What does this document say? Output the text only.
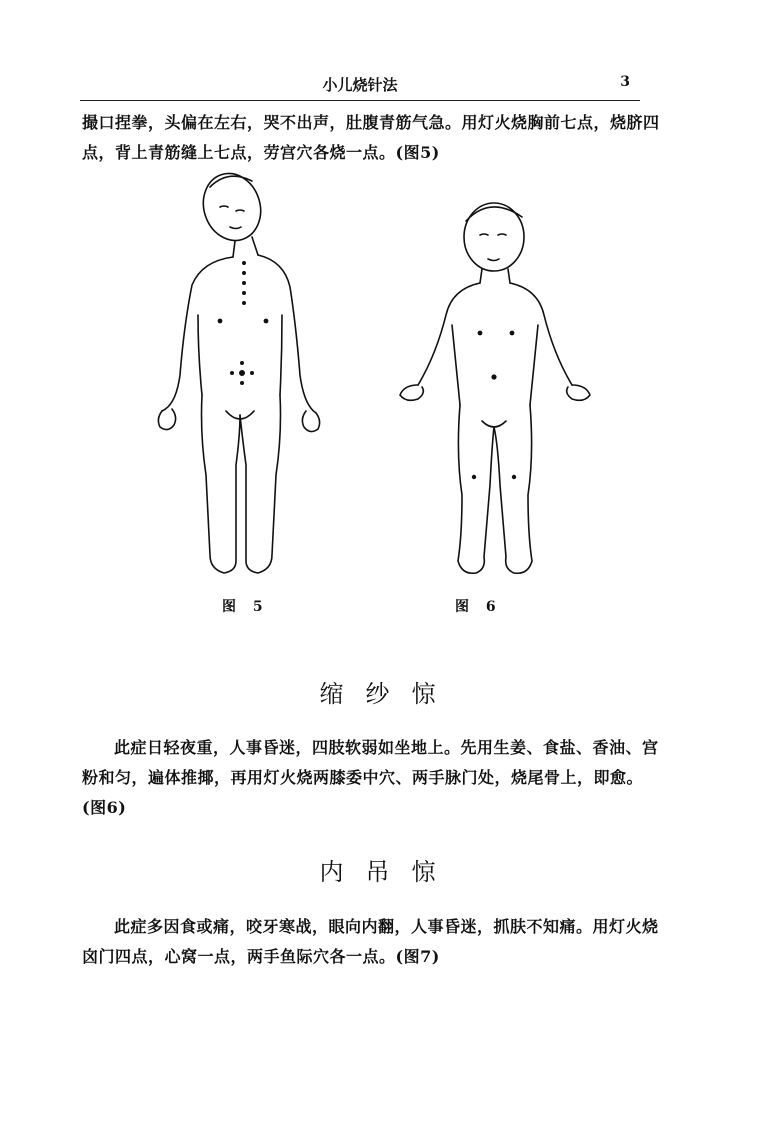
小儿烧针法	3
撮口捏拳，头偏在左右，哭不出声，肚腹青筋气急。用灯火烧胸前七点，烧脐四点，背上青筋缝上七点，劳宫穴各烧一点。(图5)
图 5	图 6
缩纱惊
此症日轻夜重，人事昏迷，四肢软弱如坐地上。先用生姜、食盐、香油、宫粉和匀，遍体推揶，再用灯火烧两膝委中穴、两手脉门处，烧尾骨上，即愈。(图6)
内吊惊
此症多因食或痛，咬牙寒战，眼向内翻，人事昏迷，抓肤不知痛。用灯火烧囟门四点，心窝一点，两手鱼际穴各一点。(图7)
